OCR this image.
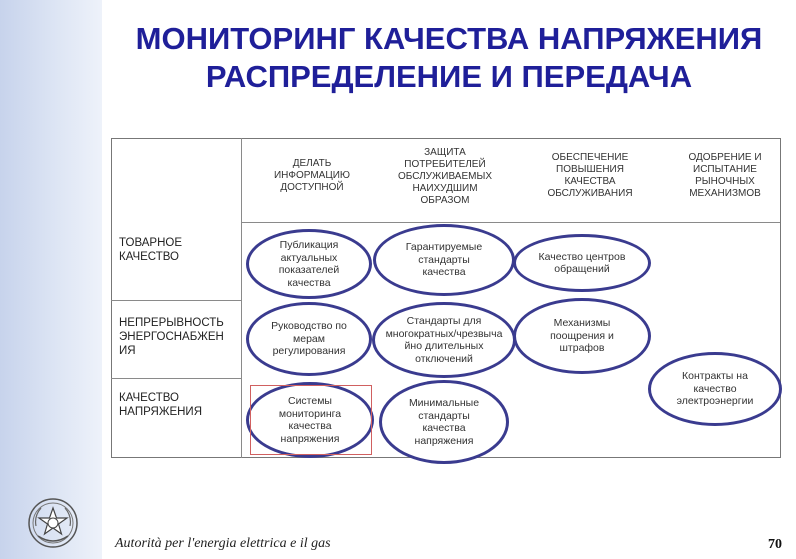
МОНИТОРИНГ КАЧЕСТВА НАПРЯЖЕНИЯ
РАСПРЕДЕЛЕНИЕ И ПЕРЕДАЧА
ДЕЛАТЬ
ИНФОРМАЦИЮ
ДОСТУПНОЙ
ЗАЩИТА
ПОТРЕБИТЕЛЕЙ
ОБСЛУЖИВАЕМЫХ
НАИХУДШИМ
ОБРАЗОМ
ОБЕСПЕЧЕНИЕ
ПОВЫШЕНИЯ
КАЧЕСТВА
ОБСЛУЖИВАНИЯ
ОДОБРЕНИЕ И
ИСПЫТАНИЕ
РЫНОЧНЫХ
МЕХАНИЗМОВ
ТОВАРНОЕ
КАЧЕСТВО
НЕПРЕРЫВНОСТЬ
ЭНЕРГОСНАБЖЕН
ИЯ
КАЧЕСТВО
НАПРЯЖЕНИЯ
Публикация
актуальных
показателей
качества
Гарантируемые
стандарты
качества
Качество центров
обращений
Руководство по
мерам
регулирования
Стандарты для
многократных/чрезвыча
йно длительных
отключений
Механизмы
поощрения и
штрафов
Системы
мониторинга
качества
напряжения
Минимальные
стандарты
качества
напряжения
Контракты на
качество
электроэнергии
Autorità per l'energia elettrica e il gas	70
